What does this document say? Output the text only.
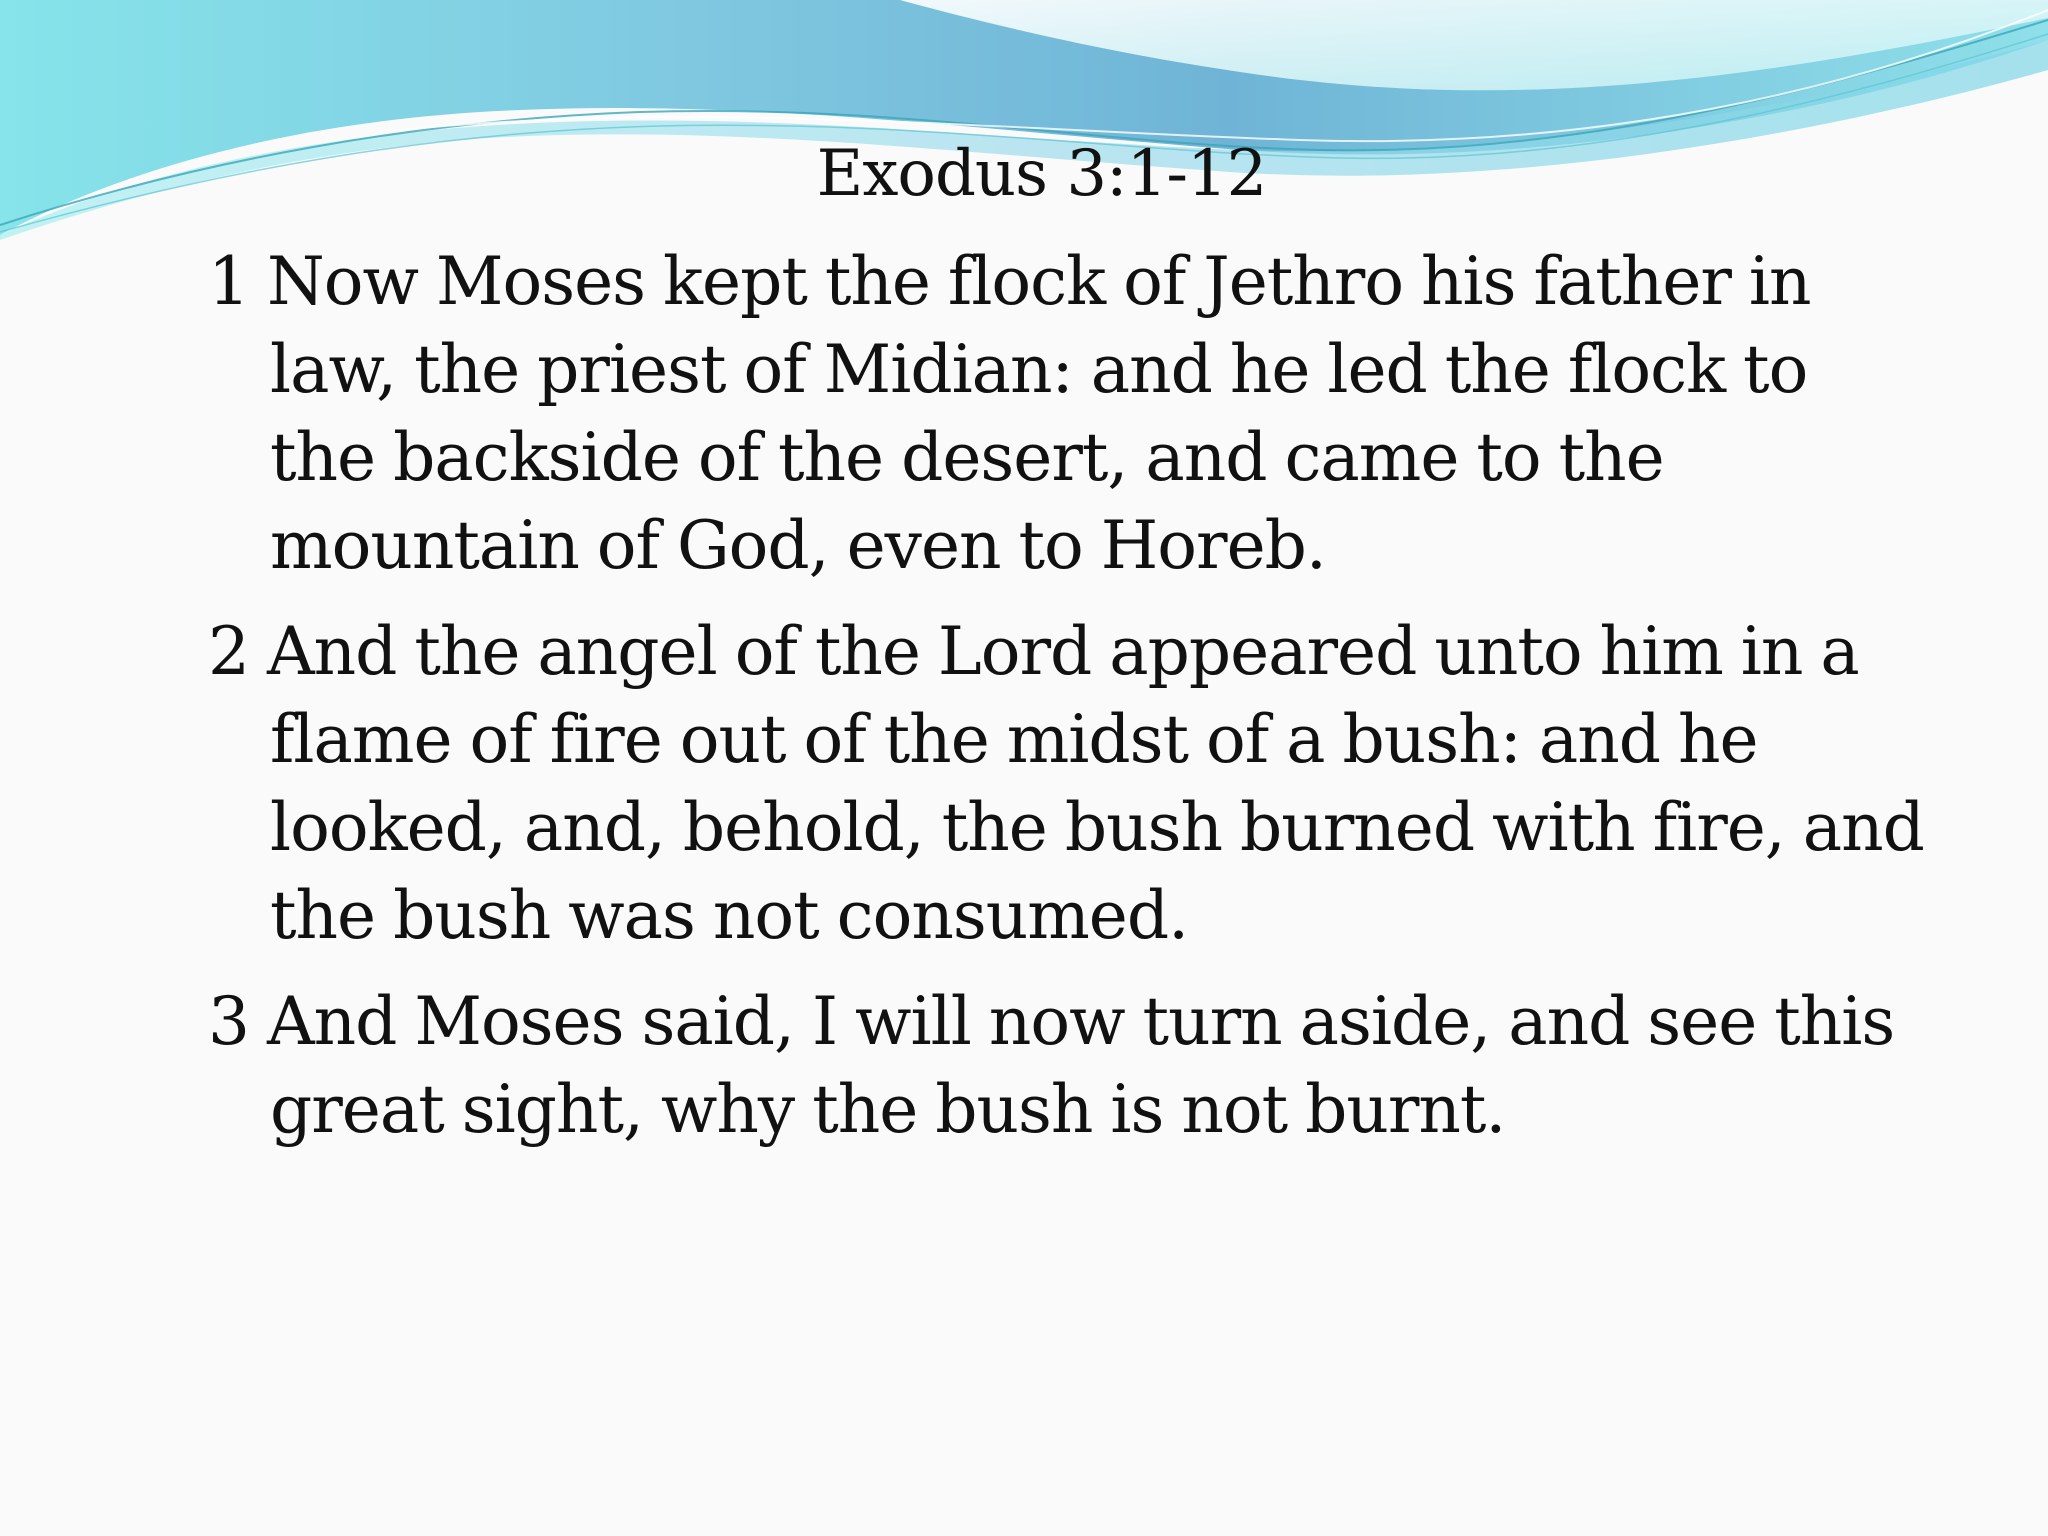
Exodus 3:1-12
1 Now Moses kept the flock of Jethro his father in law, the priest of Midian: and he led the flock to the backside of the desert, and came to the mountain of God, even to Horeb.
2 And the angel of the Lord appeared unto him in a flame of fire out of the midst of a bush: and he looked, and, behold, the bush burned with fire, and the bush was not consumed.
3 And Moses said, I will now turn aside, and see this great sight, why the bush is not burnt.
